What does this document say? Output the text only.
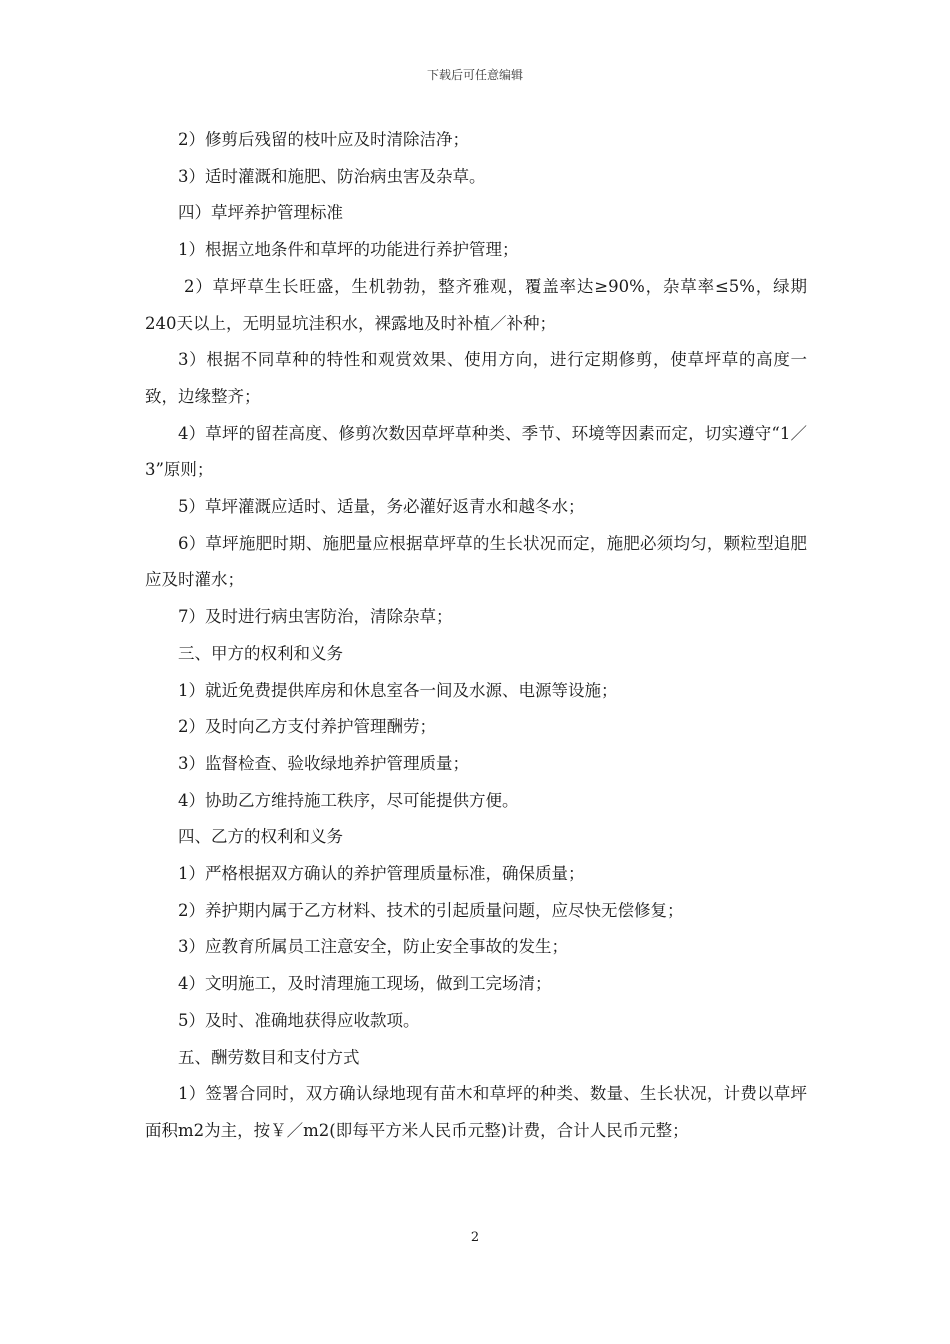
下载后可任意编辑

2）修剪后残留的枝叶应及时清除洁净；

3）适时灌溉和施肥、防治病虫害及杂草。

四）草坪养护管理标准

1）根据立地条件和草坪的功能进行养护管理；

2）草坪草生长旺盛，生机勃勃，整齐雅观，覆盖率达≥90%，杂草率≤5%，绿期240天以上，无明显坑洼积水，裸露地及时补植／补种；

3）根据不同草种的特性和观赏效果、使用方向，进行定期修剪，使草坪草的高度一致，边缘整齐；

4）草坪的留茬高度、修剪次数因草坪草种类、季节、环境等因素而定，切实遵守“1／3”原则；

5）草坪灌溉应适时、适量，务必灌好返青水和越冬水；

6）草坪施肥时期、施肥量应根据草坪草的生长状况而定，施肥必须均匀，颗粒型追肥应及时灌水；

7）及时进行病虫害防治，清除杂草；

三、甲方的权利和义务

1）就近免费提供库房和休息室各一间及水源、电源等设施；

2）及时向乙方支付养护管理酬劳；

3）监督检查、验收绿地养护管理质量；

4）协助乙方维持施工秩序，尽可能提供方便。

四、乙方的权利和义务

1）严格根据双方确认的养护管理质量标准，确保质量；

2）养护期内属于乙方材料、技术的引起质量问题，应尽快无偿修复；

3）应教育所属员工注意安全，防止安全事故的发生；

4）文明施工，及时清理施工现场，做到工完场清；

5）及时、准确地获得应收款项。

五、酬劳数目和支付方式

1）签署合同时，双方确认绿地现有苗木和草坪的种类、数量、生长状况，计费以草坪面积m2为主，按￥／m2(即每平方米人民币元整)计费，合计人民币元整；

2
